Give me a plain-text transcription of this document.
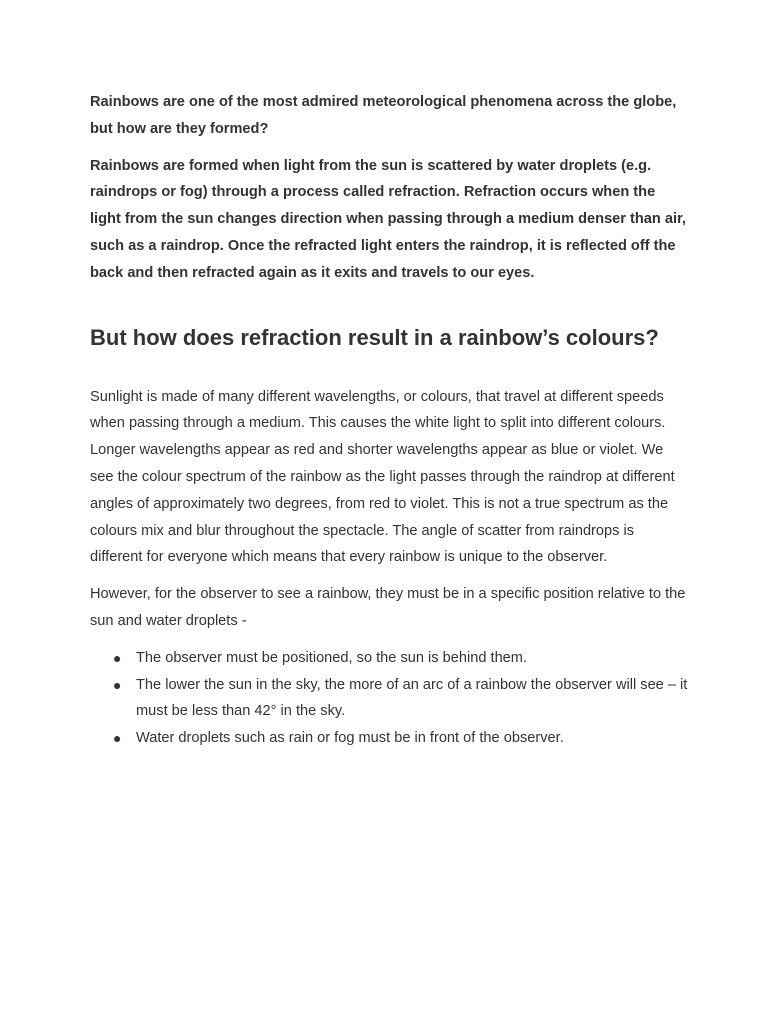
Rainbows are one of the most admired meteorological phenomena across the globe, but how are they formed?

Rainbows are formed when light from the sun is scattered by water droplets (e.g. raindrops or fog) through a process called refraction. Refraction occurs when the light from the sun changes direction when passing through a medium denser than air, such as a raindrop. Once the refracted light enters the raindrop, it is reflected off the back and then refracted again as it exits and travels to our eyes.

But how does refraction result in a rainbow’s colours?

Sunlight is made of many different wavelengths, or colours, that travel at different speeds when passing through a medium. This causes the white light to split into different colours. Longer wavelengths appear as red and shorter wavelengths appear as blue or violet. We see the colour spectrum of the rainbow as the light passes through the raindrop at different angles of approximately two degrees, from red to violet. This is not a true spectrum as the colours mix and blur throughout the spectacle. The angle of scatter from raindrops is different for everyone which means that every rainbow is unique to the observer.

However, for the observer to see a rainbow, they must be in a specific position relative to the sun and water droplets -

● The observer must be positioned, so the sun is behind them.
● The lower the sun in the sky, the more of an arc of a rainbow the observer will see – it must be less than 42° in the sky.
● Water droplets such as rain or fog must be in front of the observer.
